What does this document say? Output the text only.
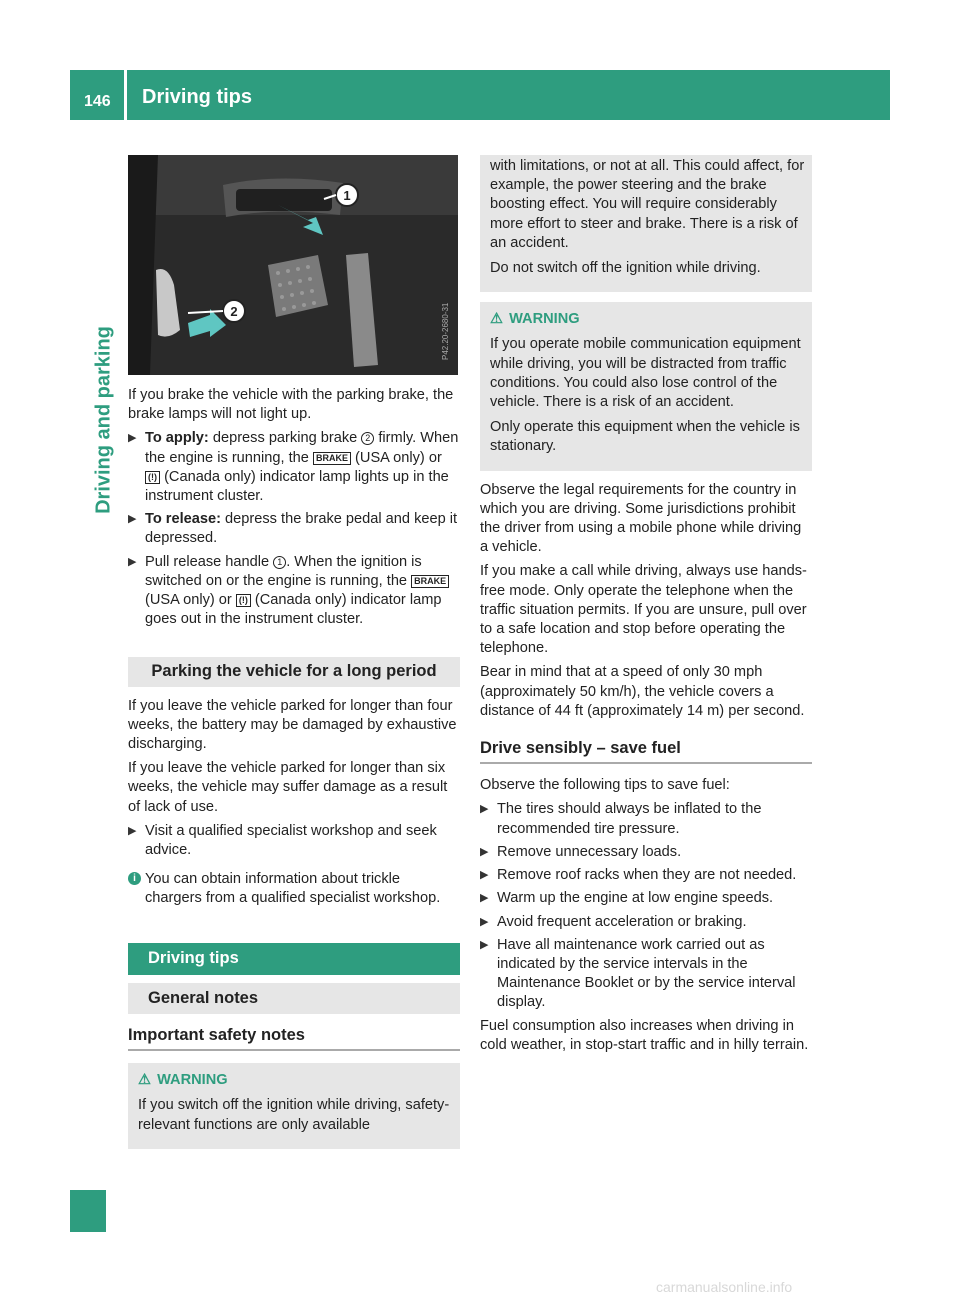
146 Driving tips
Driving and parking
1
2	P42.20-2680-31

If you brake the vehicle with the parking brake, the brake lamps will not light up.

▶ To apply: depress parking brake 2 firmly. When the engine is running, the BRAKE (USA only) or (!) (Canada only) indicator lamp lights up in the instrument cluster.
▶ To release: depress the brake pedal and keep it depressed.
▶ Pull release handle 1 . When the ignition is switched on or the engine is running, the BRAKE (USA only) or (!) (Canada only) indicator lamp goes out in the instrument cluster.
Parking the vehicle for a long period

If you leave the vehicle parked for longer than four weeks, the battery may be damaged by exhaustive discharging.

If you leave the vehicle parked for longer than six weeks, the vehicle may suffer damage as a result of lack of use.

▶ Visit a qualified specialist workshop and seek advice.
i You can obtain information about trickle chargers from a qualified specialist workshop.
Driving tips
General notes
Important safety notes
⚠ WARNING

If you switch off the ignition while driving, safety-relevant functions are only available

with limitations, or not at all. This could affect, for example, the power steering and the brake boosting effect. You will require considerably more effort to steer and brake. There is a risk of an accident.

Do not switch off the ignition while driving.

⚠ WARNING

If you operate mobile communication equipment while driving, you will be distracted from traffic conditions. You could also lose control of the vehicle. There is a risk of an accident.

Only operate this equipment when the vehicle is stationary.

Observe the legal requirements for the country in which you are driving. Some jurisdictions prohibit the driver from using a mobile phone while driving a vehicle.

If you make a call while driving, always use hands-free mode. Only operate the telephone when the traffic situation permits. If you are unsure, pull over to a safe location and stop before operating the telephone.

Bear in mind that at a speed of only 30 mph (approximately 50 km/h), the vehicle covers a distance of 44 ft (approximately 14 m) per second.

Drive sensibly – save fuel

Observe the following tips to save fuel:

▶ The tires should always be inflated to the recommended tire pressure.
▶ Remove unnecessary loads.
▶ Remove roof racks when they are not needed.
▶ Warm up the engine at low engine speeds.
▶ Avoid frequent acceleration or braking.
▶ Have all maintenance work carried out as indicated by the service intervals in the Maintenance Booklet or by the service interval display.

Fuel consumption also increases when driving in cold weather, in stop-start traffic and in hilly terrain.

carmanualsonline.info
